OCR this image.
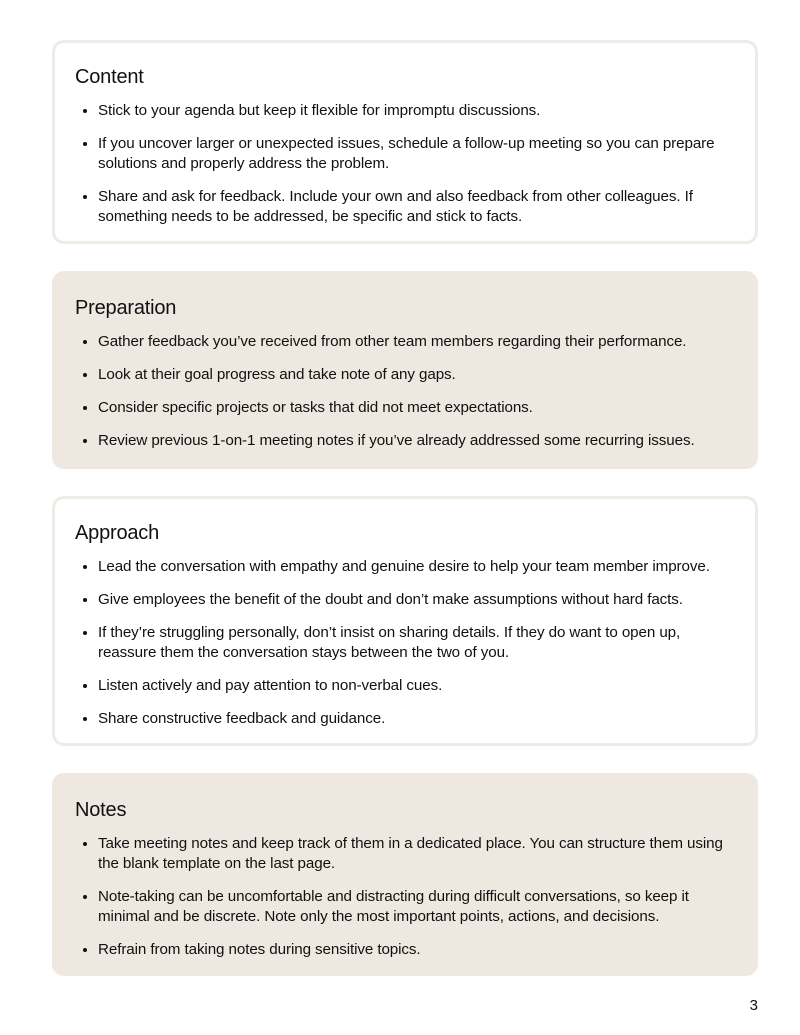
Content
• Stick to your agenda but keep it flexible for impromptu discussions.
• If you uncover larger or unexpected issues, schedule a follow-up meeting so you can prepare solutions and properly address the problem.
• Share and ask for feedback. Include your own and also feedback from other colleagues. If something needs to be addressed, be specific and stick to facts.
Preparation
• Gather feedback you’ve received from other team members regarding their performance.
• Look at their goal progress and take note of any gaps.
• Consider specific projects or tasks that did not meet expectations.
• Review previous 1-on-1 meeting notes if you’ve already addressed some recurring issues.
Approach
• Lead the conversation with empathy and genuine desire to help your team member improve.
• Give employees the benefit of the doubt and don’t make assumptions without hard facts.
• If they’re struggling personally, don’t insist on sharing details. If they do want to open up, reassure them the conversation stays between the two of you.
• Listen actively and pay attention to non-verbal cues.
• Share constructive feedback and guidance.
Notes
• Take meeting notes and keep track of them in a dedicated place. You can structure them using the blank template on the last page.
• Note-taking can be uncomfortable and distracting during difficult conversations, so keep it minimal and be discrete. Note only the most important points, actions, and decisions.
• Refrain from taking notes during sensitive topics.
3
